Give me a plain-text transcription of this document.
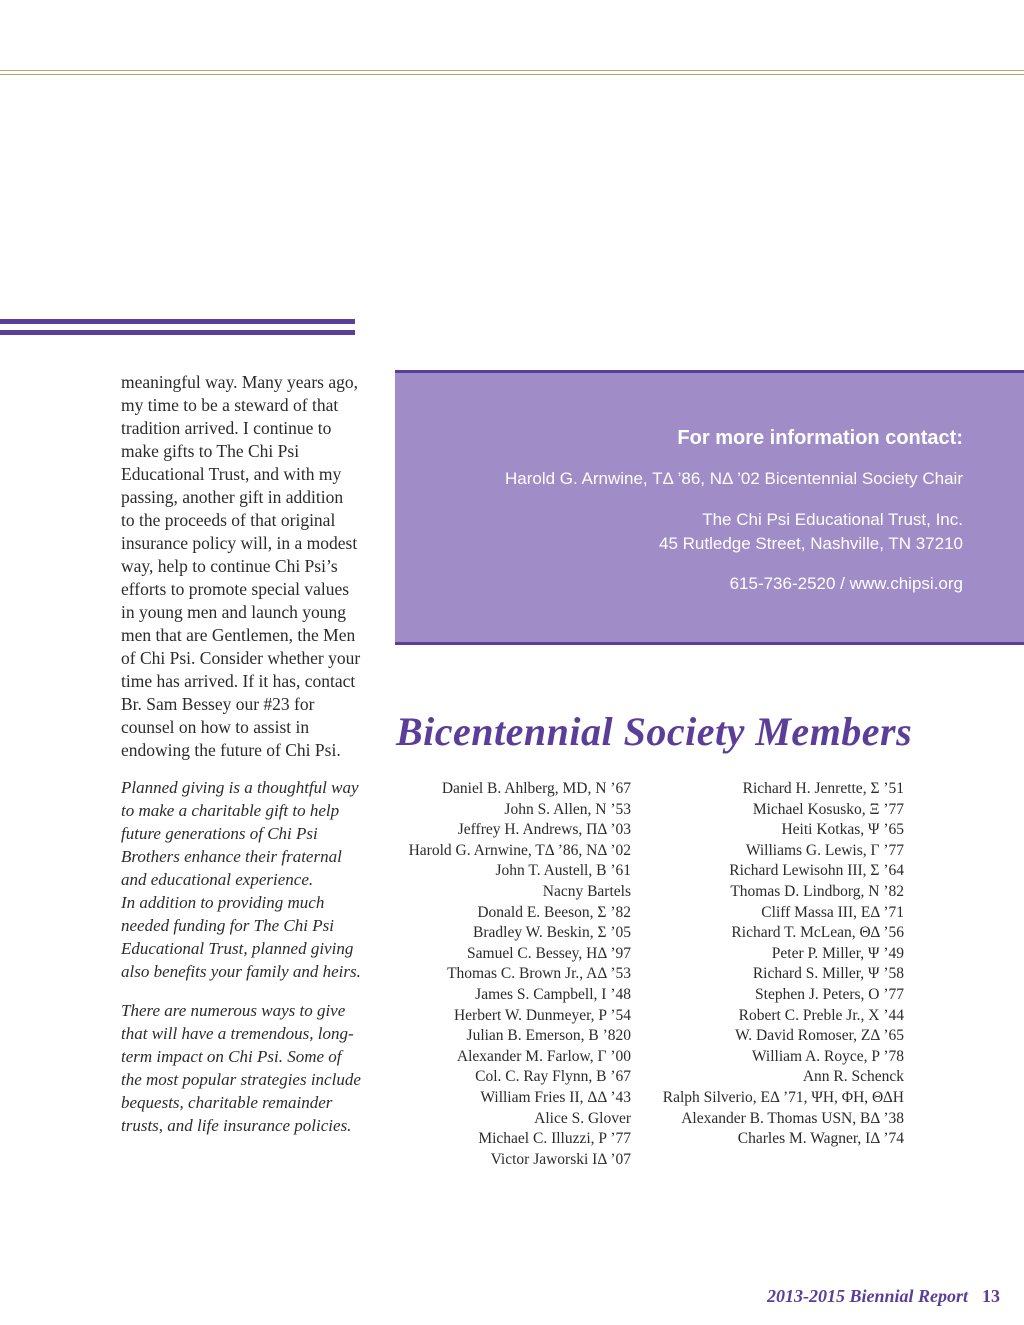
meaningful way. Many years ago, my time to be a steward of that tradition arrived. I continue to make gifts to The Chi Psi Educational Trust, and with my passing, another gift in addition to the proceeds of that original insurance policy will, in a modest way, help to continue Chi Psi’s efforts to promote special values in young men and launch young men that are Gentlemen, the Men of Chi Psi. Consider whether your time has arrived. If it has, contact Br. Sam Bessey our #23 for counsel on how to assist in endowing the future of Chi Psi.

Planned giving is a thoughtful way to make a charitable gift to help future generations of Chi Psi Brothers enhance their fraternal and educational experience.

In addition to providing much needed funding for The Chi Psi Educational Trust, planned giving also benefits your family and heirs.

There are numerous ways to give that will have a tremendous, long-term impact on Chi Psi. Some of the most popular strategies include bequests, charitable remainder trusts, and life insurance policies.

For more information contact:

Harold G. Arnwine, TΔ ’86, NΔ ’02 Bicentennial Society Chair

The Chi Psi Educational Trust, Inc.

45 Rutledge Street, Nashville, TN 37210

615-736-2520 / www.chipsi.org

Bicentennial Society Members
Daniel B. Ahlberg, MD, N ’67
John S. Allen, N ’53
Jeffrey H. Andrews, ΠΔ ’03
Harold G. Arnwine, TΔ ’86, NΔ ’02
John T. Austell, B ’61
Nacny Bartels
Donald E. Beeson, Σ ’82
Bradley W. Beskin, Σ ’05
Samuel C. Bessey, HΔ ’97
Thomas C. Brown Jr., AΔ ’53
James S. Campbell, I ’48
Herbert W. Dunmeyer, P ’54
Julian B. Emerson, B ’820
Alexander M. Farlow, Γ ’00
Col. C. Ray Flynn, B ’67
William Fries II, ΔΔ ’43
Alice S. Glover
Michael C. Illuzzi, P ’77
Victor Jaworski IΔ ’07
Richard H. Jenrette, Σ ’51
Michael Kosusko, Ξ ’77
Heiti Kotkas, Ψ ’65
Williams G. Lewis, Γ ’77
Richard Lewisohn III, Σ ’64
Thomas D. Lindborg, N ’82
Cliff Massa III, EΔ ’71
Richard T. McLean, ΘΔ ’56
Peter P. Miller, Ψ ’49
Richard S. Miller, Ψ ’58
Stephen J. Peters, O ’77
Robert C. Preble Jr., X ’44
W. David Romoser, ZΔ ’65
William A. Royce, P ’78
Ann R. Schenck
Ralph Silverio, EΔ ’71, ΨH, ΦH, ΘΔH
Alexander B. Thomas USN, BΔ ’38
Charles M. Wagner, IΔ ’74
2013-2015 Biennial Report 13
